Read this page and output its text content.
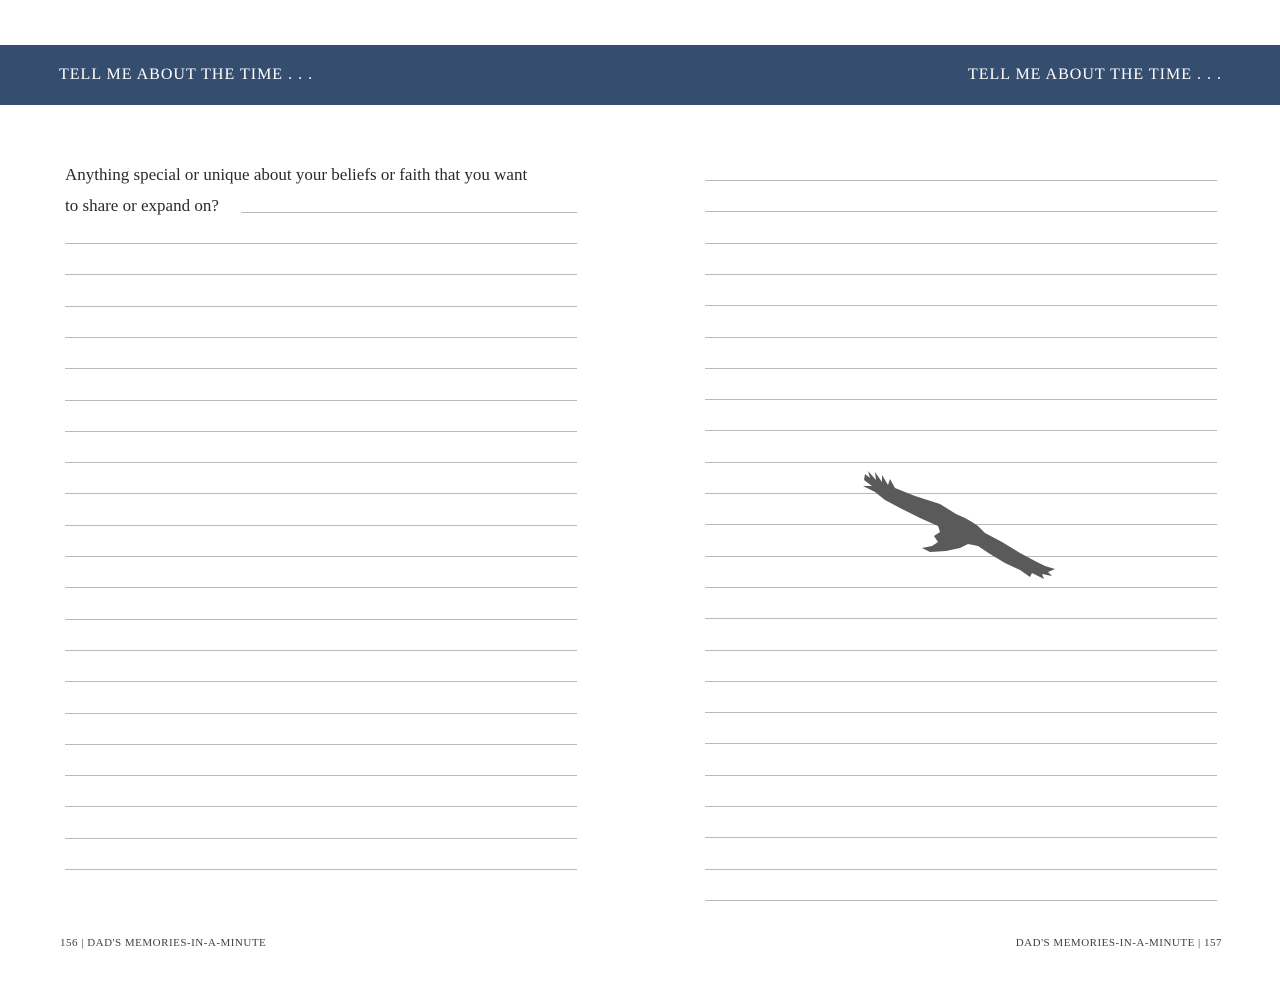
TELL ME ABOUT THE TIME . . .	TELL ME ABOUT THE TIME . . .
Anything special or unique about your beliefs or faith that you want
to share or expand on?
156 | DAD'S MEMORIES-IN-A-MINUTE	DAD'S MEMORIES-IN-A-MINUTE | 157
